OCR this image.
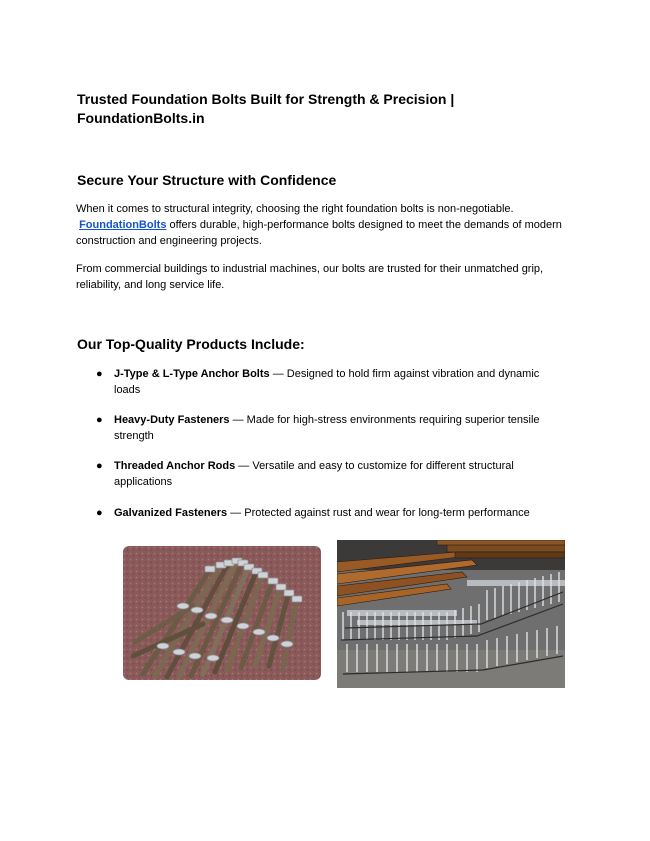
Trusted Foundation Bolts Built for Strength & Precision | FoundationBolts.in
Secure Your Structure with Confidence

When it comes to structural integrity, choosing the right foundation bolts is non-negotiable.
FoundationBolts offers durable, high-performance bolts designed to meet the demands of modern construction and engineering projects.

From commercial buildings to industrial machines, our bolts are trusted for their unmatched grip, reliability, and long service life.

Our Top-Quality Products Include:
● J-Type & L-Type Anchor Bolts — Designed to hold firm against vibration and dynamic loads
● Heavy-Duty Fasteners — Made for high-stress environments requiring superior tensile strength
● Threaded Anchor Rods — Versatile and easy to customize for different structural applications
● Galvanized Fasteners — Protected against rust and wear for long-term performance
